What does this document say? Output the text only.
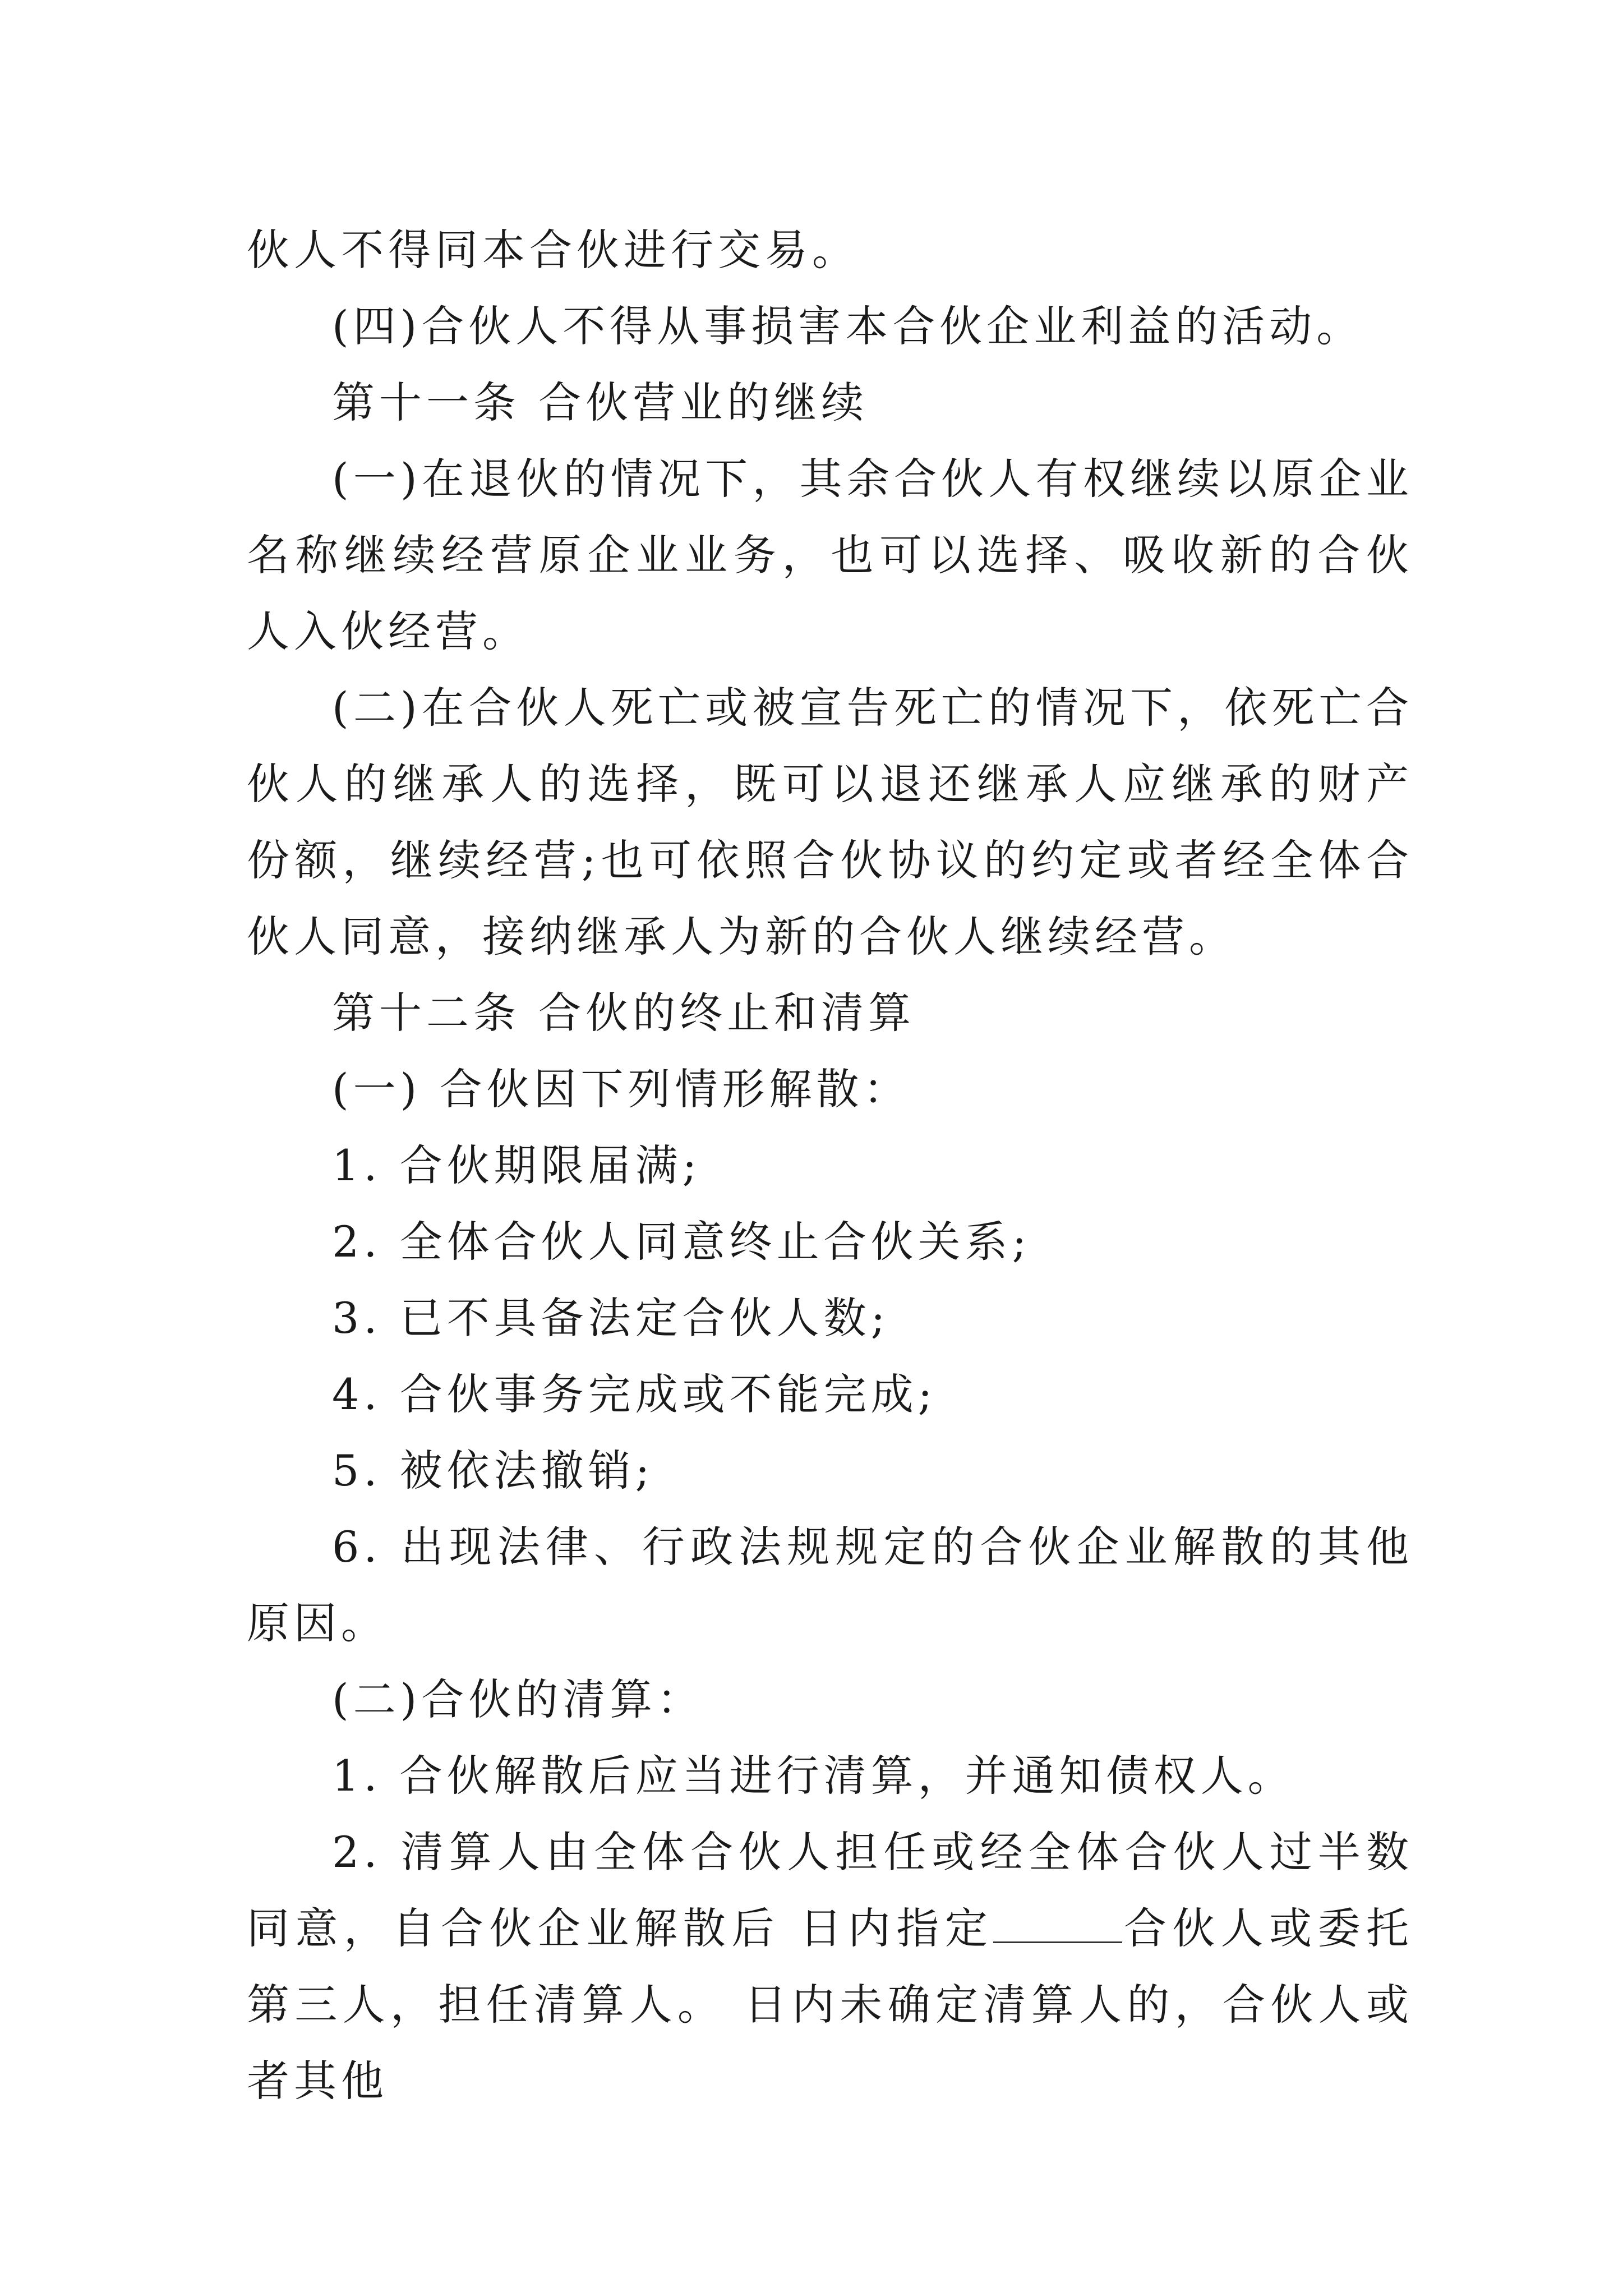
伙人不得同本合伙进行交易。

(四)合伙人不得从事损害本合伙企业利益的活动。

第十一条 合伙营业的继续

(一)在退伙的情况下，其余合伙人有权继续以原企业名称继续经营原企业业务，也可以选择、吸收新的合伙人入伙经营。

(二)在合伙人死亡或被宣告死亡的情况下，依死亡合伙人的继承人的选择，既可以退还继承人应继承的财产份额，继续经营;也可依照合伙协议的约定或者经全体合伙人同意，接纳继承人为新的合伙人继续经营。

第十二条 合伙的终止和清算

(一) 合伙因下列情形解散：

1. 合伙期限届满;

2. 全体合伙人同意终止合伙关系;

3. 已不具备法定合伙人数;

4. 合伙事务完成或不能完成;

5. 被依法撤销;

6. 出现法律、行政法规规定的合伙企业解散的其他原因。

(二)合伙的清算：

1. 合伙解散后应当进行清算，并通知债权人。

2. 清算人由全体合伙人担任或经全体合伙人过半数同意，自合伙企业解散后 日内指定	合伙人或委托第三人，担任清算人。 日内未确定清算人的，合伙人或者其他
